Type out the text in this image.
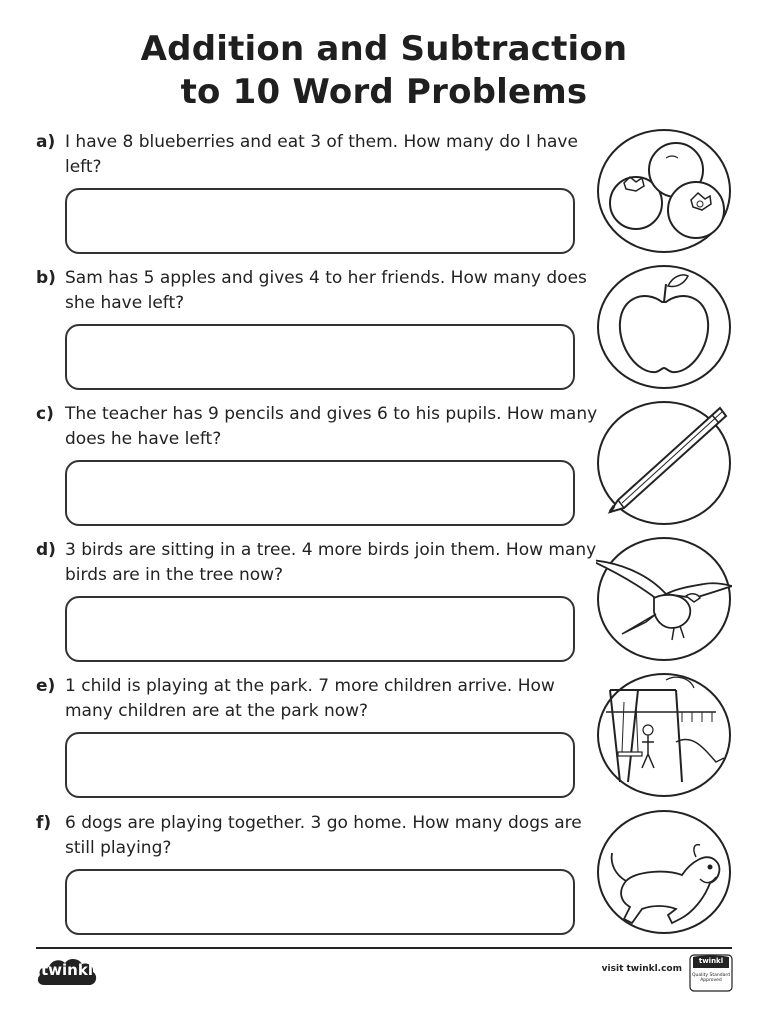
Addition and Subtraction
to 10 Word Problems
a) I have 8 blueberries and eat 3 of them. How many do I have left?
b) Sam has 5 apples and gives 4 to her friends. How many does she have left?
c) The teacher has 9 pencils and gives 6 to his pupils. How many does he have left?
d) 3 birds are sitting in a tree. 4 more birds join them. How many birds are in the tree now?
e) 1 child is playing at the park. 7 more children arrive. How many children are at the park now?
f) 6 dogs are playing together. 3 go home. How many dogs are still playing?
twinkl	visit twinkl.com
twinkl
Quality Standard Approved
